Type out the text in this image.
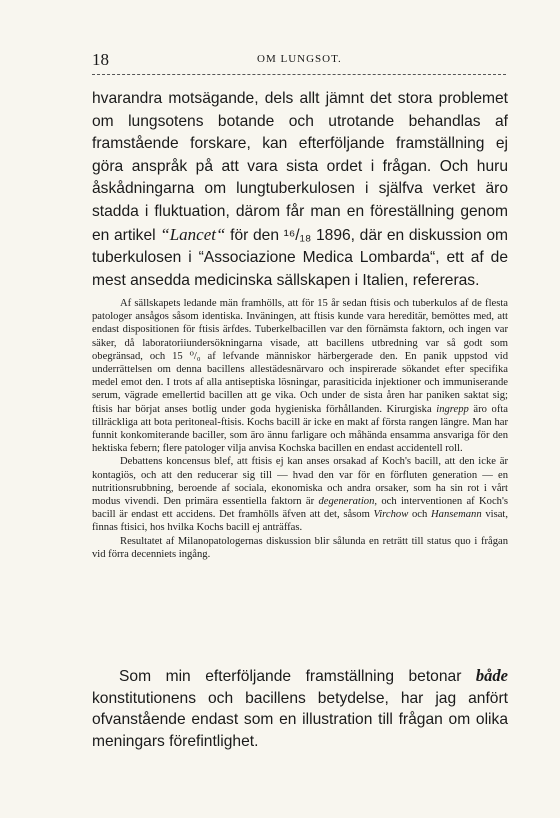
18	OM LUNGSOT.

hvarandra motsägande, dels allt jämnt det stora problemet om lungsotens botande och utrotande behandlas af framstående forskare, kan efterföljande framställning ej göra anspråk på att vara sista ordet i frågan. Och huru åskådningarna om lungtuberkulosen i själfva verket äro stadda i fluktuation, därom får man en föreställning genom en artikel “Lancet“ för den ¹⁶/₁₈ 1896, där en diskussion om tuberkulosen i “Associazione Medica Lombarda“, ett af de mest ansedda medicinska sällskapen i Italien, refereras.

Af sällskapets ledande män framhölls, att för 15 år sedan ftisis och tuberkulos af de flesta patologer ansågos såsom identiska. Inväningen, att ftisis kunde vara hereditär, bemöttes med, att endast dispositionen för ftisis ärfdes. Tuberkelbacillen var den förnämsta faktorn, och ingen var säker, då laboratoriiundersökningarna visade, att bacillens utbredning var så godt som obegränsad, och 15 ⁰/₀ af lefvande människor härbergerade den. En panik uppstod vid underrättelsen om denna bacillens allestädesnärvaro och inspirerade sökandet efter specifika medel emot den. I trots af alla antiseptiska lösningar, parasiticida injektioner och immuniserande serum, vägrade emellertid bacillen att ge vika. Och under de sista åren har paniken saktat sig; ftisis har börjat anses botlig under goda hygieniska förhållanden. Kirurgiska ingrepp äro ofta tillräckliga att bota peritoneal-ftisis. Kochs bacill är icke en makt af första rangen längre. Man har funnit konkomiterande baciller, som äro ännu farligare och måhända ensamma ansvariga för den hektiska febern; flere patologer vilja anvisa Kochska bacillen en endast accidentell roll.

Debattens koncensus blef, att ftisis ej kan anses orsakad af Koch's bacill, att den icke är kontagiös, och att den reducerar sig till — hvad den var för en förfluten generation — en nutritionsrubbning, beroende af sociala, ekonomiska och andra orsaker, som ha sin rot i vårt modus vivendi. Den primära essentiella faktorn är degeneration, och interventionen af Koch's bacill är endast ett accidens. Det framhölls äfven att det, såsom Virchow och Hansemann visat, finnas ftisici, hos hvilka Kochs bacill ej anträffas.

Resultatet af Milanopatologernas diskussion blir sålunda en reträtt till status quo i frågan vid förra decenniets ingång.

Som min efterföljande framställning betonar både konstitutionens och bacillens betydelse, har jag anfört ofvanstående endast som en illustration till frågan om olika meningars förefintlighet.
